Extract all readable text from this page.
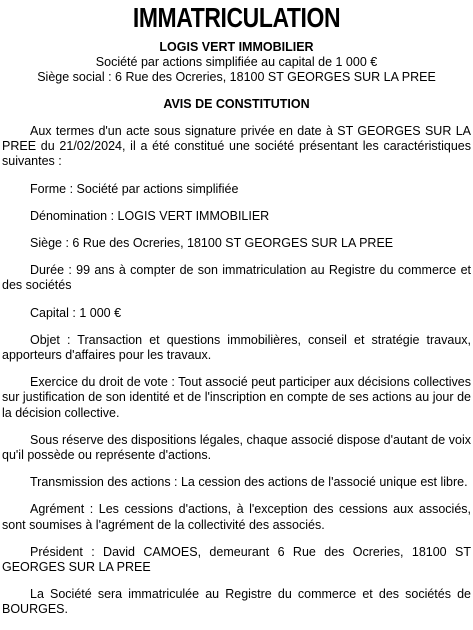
IMMATRICULATION
LOGIS VERT IMMOBILIER
Société par actions simplifiée au capital de 1 000 €
Siège social : 6 Rue des Ocreries, 18100 ST GEORGES SUR LA PREE
AVIS DE CONSTITUTION

Aux termes d'un acte sous signature privée en date à ST GEORGES SUR LA PREE du 21/02/2024, il a été constitué une société présentant les caractéristiques suivantes :

Forme : Société par actions simplifiée

Dénomination : LOGIS VERT IMMOBILIER

Siège : 6 Rue des Ocreries, 18100 ST GEORGES SUR LA PREE

Durée : 99 ans à compter de son immatriculation au Registre du commerce et des sociétés

Capital : 1 000 €

Objet : Transaction et questions immobilières, conseil et stratégie travaux, apporteurs d'affaires pour les travaux.

Exercice du droit de vote : Tout associé peut participer aux décisions collectives sur justification de son identité et de l'inscription en compte de ses actions au jour de la décision collective.

Sous réserve des dispositions légales, chaque associé dispose d'autant de voix qu'il possède ou représente d'actions.

Transmission des actions : La cession des actions de l'associé unique est libre.

Agrément : Les cessions d'actions, à l'exception des cessions aux associés, sont soumises à l'agrément de la collectivité des associés.

Président : David CAMOES, demeurant 6 Rue des Ocreries, 18100 ST GEORGES SUR LA PREE

La Société sera immatriculée au Registre du commerce et des sociétés de BOURGES.
